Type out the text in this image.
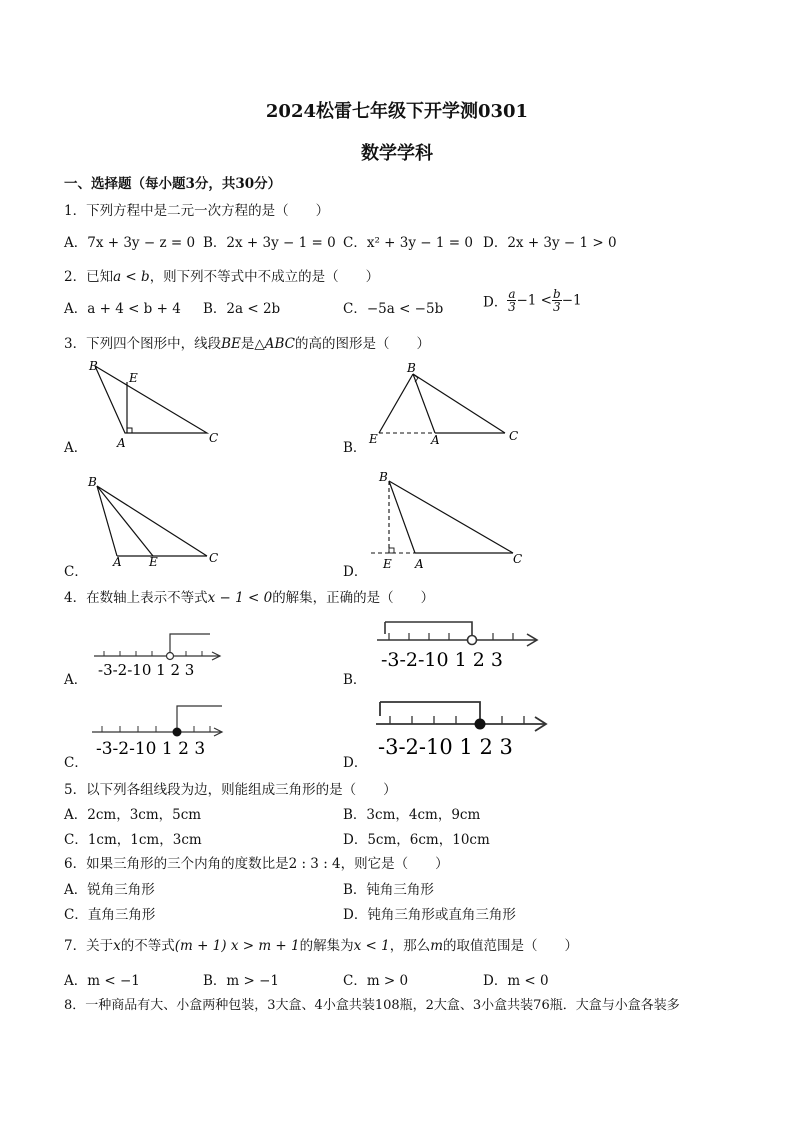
2024松雷七年级下开学测0301
数学学科
一、选择题（每小题3分，共30分）
1．下列方程中是二元一次方程的是（　　）
A．7x + 3y − z = 0 B．2x + 3y − 1 = 0 C．x² + 3y − 1 = 0 D．2x + 3y − 1 > 0
2．已知a < b，则下列不等式中不成立的是（　　）
A．a + 4 < b + 4 B．2a < 2b	C．−5a < −5b	D． $\frac{a}{3} -1 < \frac{b}{3} -1$
3．下列四个图形中，线段BE是△ABC的高的图形是（　　）
A．	B．
C．	D．
B
E
A	C
B
E	A	C
B
A E	C
B
E A	C
4．在数轴上表示不等式x − 1 < 0的解集，正确的是（　　）
A．	B．
C．	D．
-3-2-10 1 2 3	-3-2-10 1 2 3
-3-2-10 1 2 3	-3-2-10 1 2 3
5．以下列各组线段为边，则能组成三角形的是（　　）
A．2cm，3cm，5cm	B．3cm，4cm，9cm
C．1cm，1cm，3cm	D．5cm，6cm，10cm
6．如果三角形的三个内角的度数比是2 : 3 : 4，则它是（　　）
A．锐角三角形	B．钝角三角形
C．直角三角形	D．钝角三角形或直角三角形
7．关于x的不等式(m + 1) x > m + 1的解集为x < 1，那么m的取值范围是（　　）
A．m < −1	B．m > −1	C．m > 0	D．m < 0
8．一种商品有大、小盒两种包装，3大盒、4小盒共装108瓶，2大盒、3小盒共装76瓶．大盒与小盒各装多
